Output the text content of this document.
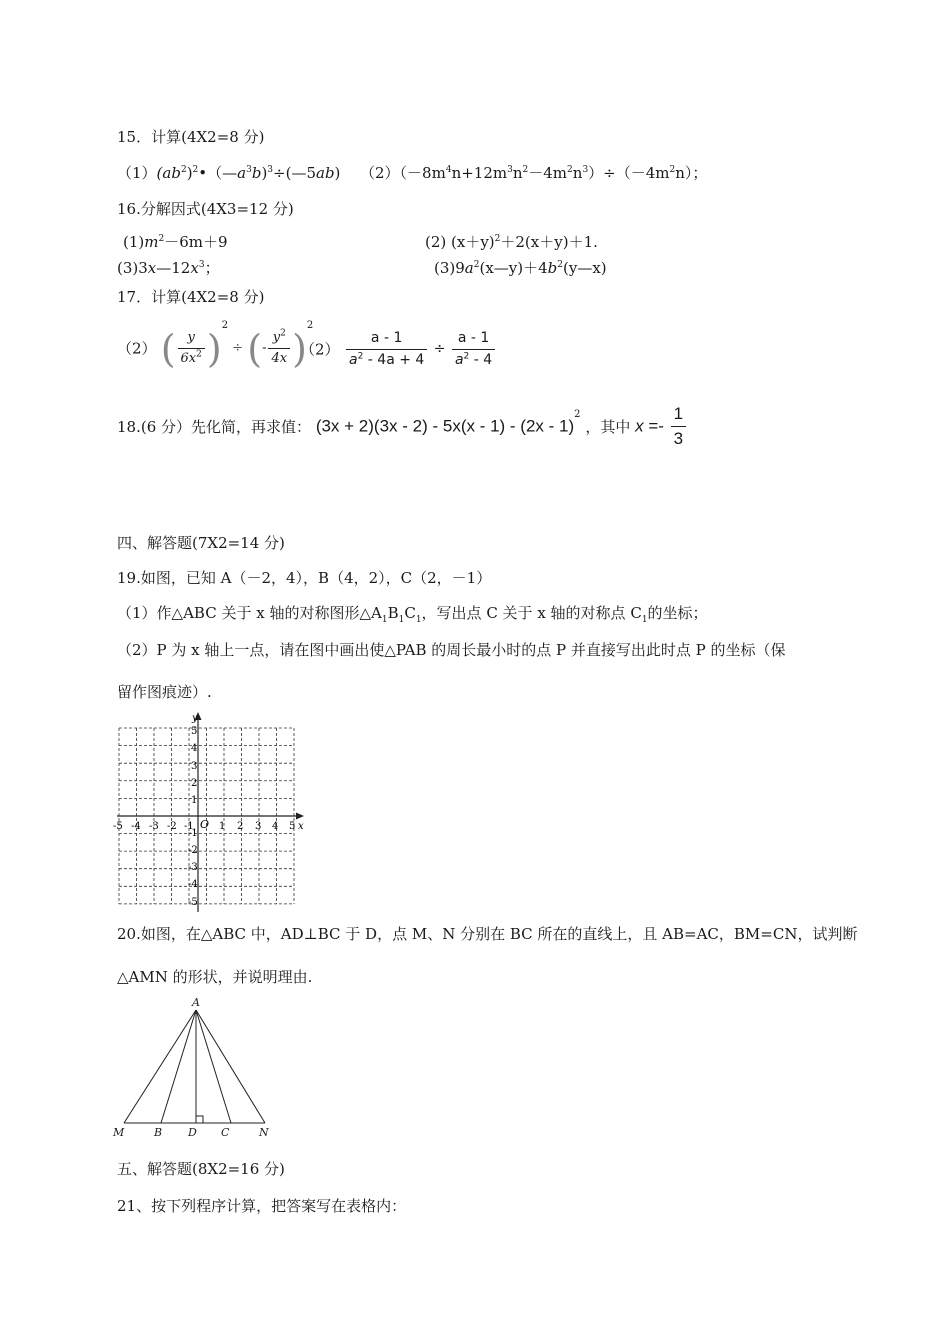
15．计算(4X2=8 分)
$(1)(ab^2)^2•(—a^3b)^3\div(—5ab)$ $(2)(-8m^4n+12m^3n^2-4m^2n^3)\div(-4m^2n)$；
16.分解因式(4X3=12 分)
$(1)m^2-6m+9$	(2) $(x+y)^2+2(x+y)+1$.
$(3)3x—12x^3$；	$(3)9a^2(x—y)+4b^2(y—x)$
17．计算(4X2=8 分)
（2） ( $\frac{y}{6x^2} )^2$ ÷ (- $\frac{y^2}{4x} )^2$
$(2) \frac{a - 1}{a^2 - 4a + 4} \div \frac{a - 1}{a^2 - 4}$
18.(6 分）先化简，再求值： (3x + 2)(3x - 2) - 5x(x - 1) - (2x - 1)$^2$ ，其中 $x =- \frac{1}{3}$
四、解答题(7X2=14 分)
19.如图，已知 A（－2，4），B（4，2），C（2，－1）
（1）作△ABC 关于 x 轴的对称图形$\triangle A_1B_1C_1$，写出点 C 关于 x 轴的对称点 $C_1$的坐标；
（2）P 为 x 轴上一点，请在图中画出使△PAB 的周长最小时的点 P 并直接写出此时点 P 的坐标（保
留作图痕迹）.
x
y
O
-5 -4 -3 -2 -1	1 2 3 4 5
5
4
3
2
1
-1
-2
-3
-4
-5
20.如图，在△ABC 中，AD⊥BC 于 D，点 M、N 分别在 BC 所在的直线上，且 AB=AC，BM=CN，试判断
△AMN 的形状，并说明理由.
A
M	B D C	N
五、解答题(8X2=16 分)
21、按下列程序计算，把答案写在表格内：
